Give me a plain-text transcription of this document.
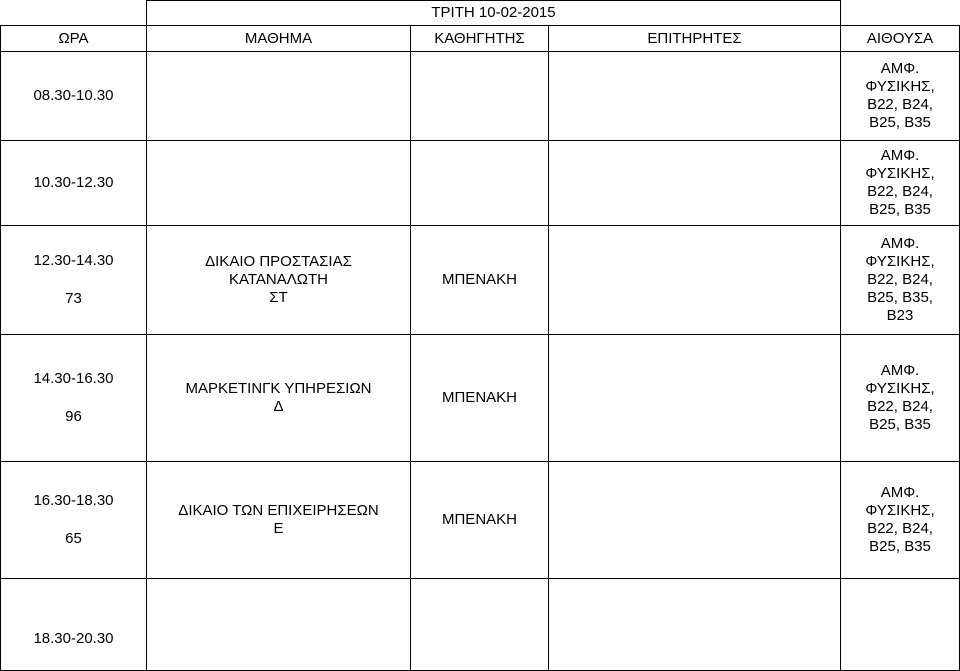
	ΤΡΙΤΗ 10-02-2015			
ΩΡΑ	ΜΑΘΗΜΑ	ΚΑΘΗΓΗΤΗΣ	ΕΠΙΤΗΡΗΤΕΣ	ΑΙΘΟΥΣΑ
08.30-10.30				ΑΜΦ.
ΦΥΣΙΚΗΣ,
Β22, Β24,
Β25, Β35

10.30-12.30				ΑΜΦ.
ΦΥΣΙΚΗΣ,
Β22, Β24,
Β25, Β35

12.30-14.30
73	ΔΙΚΑΙΟ ΠΡΟΣΤΑΣΙΑΣ
ΚΑΤΑΝΑΛΩΤΗ
ΣΤ	ΜΠΕΝΑΚΗ		ΑΜΦ.
ΦΥΣΙΚΗΣ,
Β22, Β24,
Β25, Β35,
Β23

14.30-16.30
96	ΜΑΡΚΕΤΙΝΓΚ ΥΠΗΡΕΣΙΩΝ
Δ	ΜΠΕΝΑΚΗ		ΑΜΦ.
ΦΥΣΙΚΗΣ,
Β22, Β24,
Β25, Β35

16.30-18.30
65	ΔΙΚΑΙΟ ΤΩΝ ΕΠΙΧΕΙΡΗΣΕΩΝ
Ε	ΜΠΕΝΑΚΗ		ΑΜΦ.
ΦΥΣΙΚΗΣ,
Β22, Β24,
Β25, Β35

18.30-20.30				
